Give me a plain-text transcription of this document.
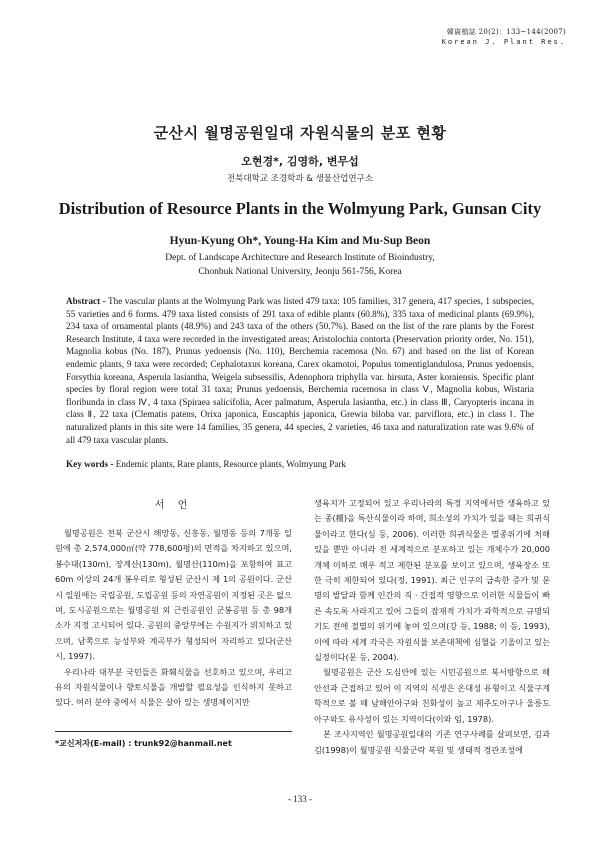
韓資植誌 20(2)：133~144(2007)
Korean J. Plant Res.
군산시 월명공원일대 자원식물의 분포 현황
오현경*, 김영하, 변무섭
전북대학교 조경학과 & 생물산업연구소
Distribution of Resource Plants in the Wolmyung Park, Gunsan City
Hyun-Kyung Oh*, Young-Ha Kim and Mu-Sup Beon
Dept. of Landscape Architecture and Research Institute of Bioindustry,
Chonbuk National University, Jeonju 561-756, Korea

Abstract - The vascular plants at the Wolmyung Park was listed 479 taxa: 105 families, 317 genera, 417 species, 1 subspecies, 55 varieties and 6 forms. 479 taxa listed consists of 291 taxa of edible plants (60.8%), 335 taxa of medicinal plants (69.9%), 234 taxa of ornamental plants (48.9%) and 243 taxa of the others (50.7%). Based on the list of the rare plants by the Forest Research Institute, 4 taxa were recorded in the investigated areas; Aristolochia contorta (Preservation priority order, No. 151), Magnolia kobus (No. 187), Prunus yedoensis (No. 110), Berchemia racemosa (No. 67) and based on the list of Korean endemic plants, 9 taxa were recorded; Cephalotaxus koreana, Carex okamotoi, Populus tomentiglandulosa, Prunus yedoensis, Forsythia koreana, Asperula lasiantha, Weigela subsessilis, Adenophora triphylla var. hirsuta, Aster koraiensis. Specific plant species by floral region were total 31 taxa; Prunus yedoensis, Berchemia racemosa in class Ⅴ, Magnolia kobus, Wistaria floribunda in class Ⅳ, 4 taxa (Spiraea salicifolia, Acer palmatum, Asperula lasiantha, etc.) in class Ⅲ, Caryopteris incana in class Ⅱ, 22 taxa (Clematis patens, Orixa japonica, Euscaphis japonica, Grewia biloba var. parviflora, etc.) in class Ⅰ. The naturalized plants in this site were 14 families, 35 genera, 44 species, 2 varieties, 46 taxa and naturalization rate was 9.6% of all 479 taxa vascular plants.

Key words - Endemic plants, Rare plants, Resource plants, Wolmyung Park

서 언

월명공원은 전북 군산시 해망동, 신흥동, 월명동 등의 7개동 일원에 총 2,574,000㎡(약 778,600평)의 면적을 차지하고 있으며, 봉수대(130m), 장계산(130m), 월명산(110m)을 포함하여 표고 60m 이상의 24개 봉우리로 형성된 군산시 제 1의 공원이다. 군산시 일원에는 국립공원, 도립공원 등의 자연공원이 지정된 곳은 없으며, 도시공원으로는 월명공원 외 근린공원인 군봉공원 등 총 98개소가 지정 고시되어 있다. 공원의 중앙부에는 수원지가 위치하고 있으며, 남쪽으로 능성부와 계곡부가 형성되어 자리하고 있다(군산시, 1997).

우리나라 대부분 국민들은 화훼식물을 선호하고 있으며, 우리고유의 자원식물이나 향토식물을 개발할 필요성을 인식하지 못하고 있다. 여러 분야 중에서 식물은 살아 있는 생명체이지만

생육지가 고정되어 있고 우리나라의 특정 지역에서만 생육하고 있는 종(種)을 특산식물이라 하며, 희소성의 가치가 있을 때는 희귀식물이라고 한다(심 등, 2006). 이러한 희귀식물은 멸종위기에 처해있을 뿐만 아니라 전 세계적으로 분포하고 있는 개체수가 20,000개체 이하로 매우 적고 제한된 분포를 보이고 있으며, 생육장소 또한 극히 제한되어 있다(정, 1991). 최근 인구의 급속한 증가 및 문명의 발달과 함께 인간의 직 · 간접적 영향으로 이러한 식물들이 빠른 속도록 사라지고 있어 그들의 잠재적 가치가 과학적으로 규명되기도 전에 절멸의 위기에 놓여 있으며(강 등, 1988; 이 등, 1993), 이에 따라 세계 각국은 자원식물 보존대책에 심혈을 기울이고 있는 실정이다(문 등, 2004).

월명공원은 군산 도심안에 있는 시민공원으로 북서방향으로 해안선과 근접하고 있어 이 지역의 식생은 온대성 유형이고 식물구계학적으로 볼 때 남해안아구와 친화성이 높고 제주도아구나 울릉도아구와도 유사성이 있는 지역이다(이와 임, 1978).

본 조사지역인 월명공원일대의 기존 연구사례를 살펴보면, 김과 김(1998)이 월명공원 식물군락 복원 및 생태적 경관조성에

*교신저자(E-mail) : trunk92@hanmail.net
- 133 -
